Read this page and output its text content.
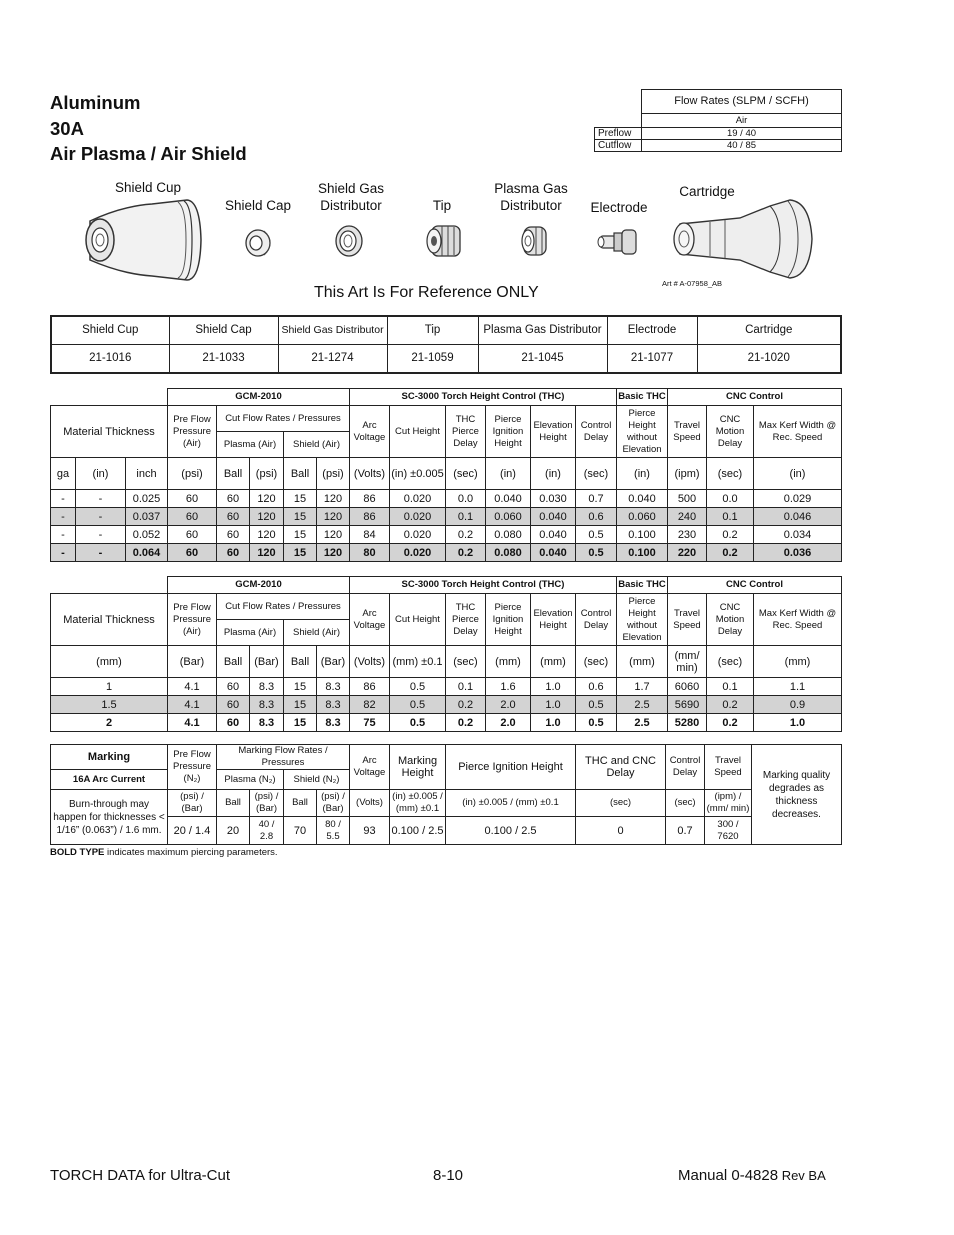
Aluminum
30A
Air Plasma / Air Shield
	Flow Rates (SLPM / SCFH)
	Air
Preflow	19 / 40
Cutflow	40 / 85
Shield Cup
Shield Cap
Shield Gas
Distributor	Tip
Plasma Gas
Distributor	Electrode
Cartridge
This Art Is For Reference ONLY
Art # A-07958_AB
Shield Cup	Shield Cap	Shield Gas Distributor	Tip	Plasma Gas Distributor	Electrode	Cartridge
21-1016	21-1033	21-1274	21-1059	21-1045	21-1077	21-1020
			GCM-2010					SC-3000 Torch Height Control (THC)						Basic THC	CNC Control		
Material Thickness			Pre Flow Pressure (Air)	Cut Flow Rates / Pressures				Arc Voltage	Cut Height	THC Pierce Delay	Pierce Ignition Height	Elevation Height	Control Delay	Pierce Height without Elevation	Travel Speed	CNC Motion Delay	Max Kerf Width @ Rec. Speed
				Plasma (Air)		Shield (Air)											
ga	(in)	inch	(psi)	Ball	(psi)	Ball	(psi)	(Volts)	(in) ±0.005	(sec)	(in)	(in)	(sec)	(in)	(ipm)	(sec)	(in)
-	-	0.025	60	60	120	15	120	86	0.020	0.0	0.040	0.030	0.7	0.040	500	0.0	0.029
-	-	0.037	60	60	120	15	120	86	0.020	0.1	0.060	0.040	0.6	0.060	240	0.1	0.046
-	-	0.052	60	60	120	15	120	84	0.020	0.2	0.080	0.040	0.5	0.100	230	0.2	0.034
-	-	0.064	60	60	120	15	120	80	0.020	0.2	0.080	0.040	0.5	0.100	220	0.2	0.036
	GCM-2010					SC-3000 Torch Height Control (THC)						Basic THC	CNC Control		
Material Thickness	Pre Flow Pressure (Air)	Cut Flow Rates / Pressures				Arc Voltage	Cut Height	THC Pierce Delay	Pierce Ignition Height	Elevation Height	Control Delay	Pierce Height without Elevation	Travel Speed	CNC Motion Delay	Max Kerf Width @ Rec. Speed
		Plasma (Air)		Shield (Air)											
(mm)	(Bar)	Ball	(Bar)	Ball	(Bar)	(Volts)	(mm) ±0.1	(sec)	(mm)	(mm)	(sec)	(mm)	(mm/ min)	(sec)	(mm)
1	4.1	60	8.3	15	8.3	86	0.5	0.1	1.6	1.0	0.6	1.7	6060	0.1	1.1
1.5	4.1	60	8.3	15	8.3	82	0.5	0.2	2.0	1.0	0.5	2.5	5690	0.2	0.9
2	4.1	60	8.3	15	8.3	75	0.5	0.2	2.0	1.0	0.5	2.5	5280	0.2	1.0
Marking	Pre Flow Pressure (N₂)	Marking Flow Rates / Pressures				Arc Voltage	Marking Height	Pierce Ignition Height	THC and CNC Delay	Control Delay	Travel Speed	Marking quality degrades as thickness decreases.
16A Arc Current		Plasma (N₂)		Shield (N₂)								
Burn-through may happen for thicknesses < 1/16” (0.063”) / 1.6 mm.	(psi) / (Bar)	Ball	(psi) / (Bar)	Ball	(psi) / (Bar)	(Volts)	(in) ±0.005 / (mm) ±0.1	(in) ±0.005 / (mm) ±0.1	(sec)	(sec)	(ipm) / (mm/ min)	
	20 / 1.4	20	40 / 2.8	70	80 / 5.5	93	0.100 / 2.5	0.100 / 2.5	0	0.7	300 / 7620	
BOLD TYPE indicates maximum piercing parameters.
TORCH DATA for Ultra-Cut	8-10	Manual 0-4828 Rev BA
